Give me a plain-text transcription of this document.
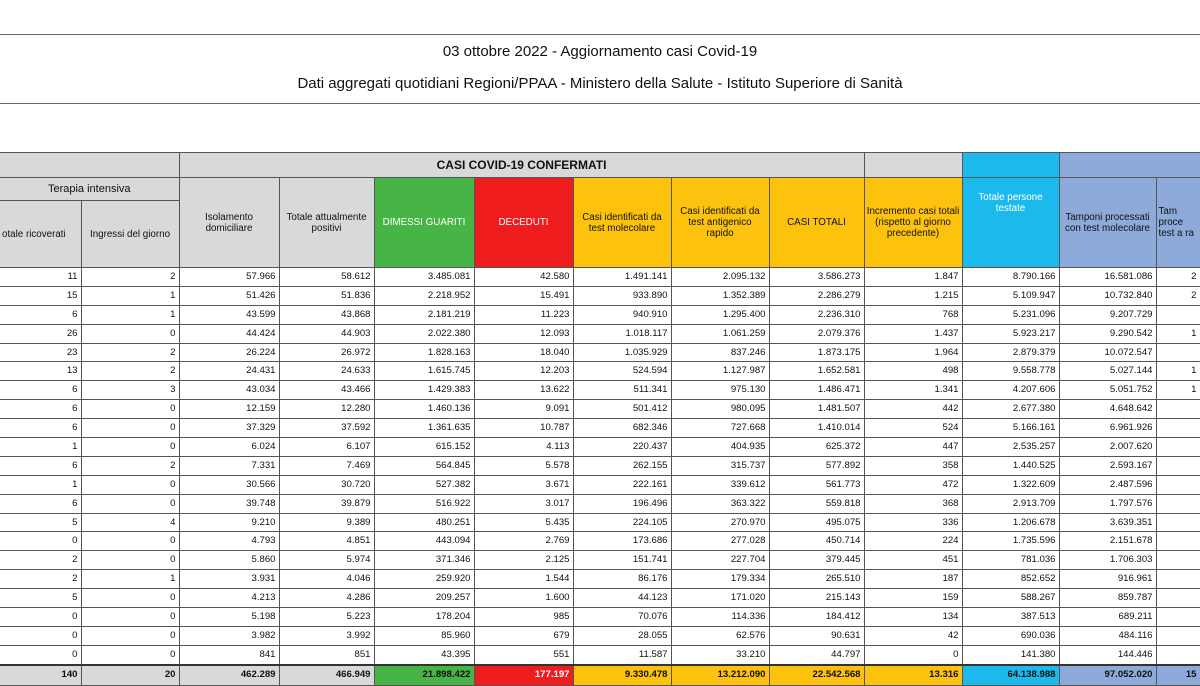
03 ottobre 2022 - Aggiornamento casi Covid-19
Dati aggregati quotidiani Regioni/PPAA - Ministero della Salute - Istituto Superiore di Sanità
		CASI COVID-19 CONFERMATI										
Terapia intensiva		Isolamento domiciliare	Totale attualmente positivi	DIMESSI GUARITI	DECEDUTI	Casi identificati da test molecolare	Casi identificati da test antigenico rapido	CASI TOTALI	Incremento casi totali (rispetto al giorno precedente)	Totale persone testate	Tamponi processati con test molecolare	Tam proce test a ra
otale ricoverati	Ingressi del giorno											
11	2	57.966	58.612	3.485.081	42.580	1.491.141	2.095.132	3.586.273	1.847	8.790.166	16.581.086	2
15	1	51.426	51.836	2.218.952	15.491	933.890	1.352.389	2.286.279	1.215	5.109.947	10.732.840	2
6	1	43.599	43.868	2.181.219	11.223	940.910	1.295.400	2.236.310	768	5.231.096	9.207.729	
26	0	44.424	44.903	2.022.380	12.093	1.018.117	1.061.259	2.079.376	1.437	5.923.217	9.290.542	1
23	2	26.224	26.972	1.828.163	18.040	1.035.929	837.246	1.873.175	1.964	2.879.379	10.072.547	
13	2	24.431	24.633	1.615.745	12.203	524.594	1.127.987	1.652.581	498	9.558.778	5.027.144	1
6	3	43.034	43.466	1.429.383	13.622	511.341	975.130	1.486.471	1.341	4.207.606	5.051.752	1
6	0	12.159	12.280	1.460.136	9.091	501.412	980.095	1.481.507	442	2.677.380	4.648.642	
6	0	37.329	37.592	1.361.635	10.787	682.346	727.668	1.410.014	524	5.166.161	6.961.926	
1	0	6.024	6.107	615.152	4.113	220.437	404.935	625.372	447	2.535.257	2.007.620	
6	2	7.331	7.469	564.845	5.578	262.155	315.737	577.892	358	1.440.525	2.593.167	
1	0	30.566	30.720	527.382	3.671	222.161	339.612	561.773	472	1.322.609	2.487.596	
6	0	39.748	39.879	516.922	3.017	196.496	363.322	559.818	368	2.913.709	1.797.576	
5	4	9.210	9.389	480.251	5.435	224.105	270.970	495.075	336	1.206.678	3.639.351	
0	0	4.793	4.851	443.094	2.769	173.686	277.028	450.714	224	1.735.596	2.151.678	
2	0	5.860	5.974	371.346	2.125	151.741	227.704	379.445	451	781.036	1.706.303	
2	1	3.931	4.046	259.920	1.544	86.176	179.334	265.510	187	852.652	916.961	
5	0	4.213	4.286	209.257	1.600	44.123	171.020	215.143	159	588.267	859.787	
0	0	5.198	5.223	178.204	985	70.076	114.336	184.412	134	387.513	689.211	
0	0	3.982	3.992	85.960	679	28.055	62.576	90.631	42	690.036	484.116	
0	0	841	851	43.395	551	11.587	33.210	44.797	0	141.380	144.446	
140	20	462.289	466.949	21.898.422	177.197	9.330.478	13.212.090	22.542.568	13.316	64.138.988	97.052.020	15
